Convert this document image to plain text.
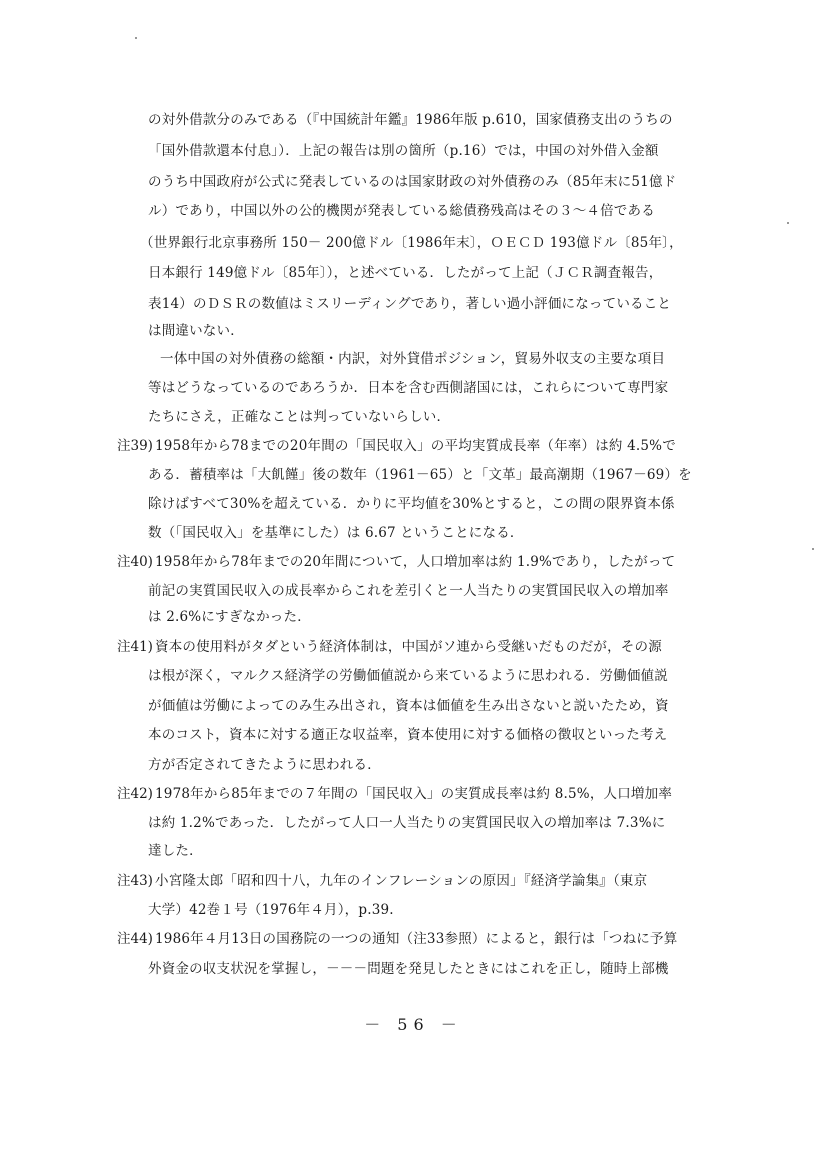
の対外借款分のみである（『中国統計年鑑』1986年版 p.610，国家債務支出のうちの

「国外借款還本付息」）．上記の報告は別の箇所（p.16）では，中国の対外借入金額

のうち中国政府が公式に発表しているのは国家財政の対外債務のみ（85年末に51億ド

ル）であり，中国以外の公的機関が発表している総債務残高はその３～４倍である

（世界銀行北京事務所 150－ 200億ドル〔1986年末〕，ＯＥＣＤ 193億ドル〔85年〕，

日本銀行 149億ドル〔85年〕），と述べている．したがって上記（ＪＣＲ調査報告，

表14）のＤＳＲの数値はミスリーディングであり，著しい過小評価になっていること

は間違いない．

一体中国の対外債務の総額・内訳，対外貸借ポジション，貿易外収支の主要な項目

等はどうなっているのであろうか．日本を含む西側諸国には，これらについて専門家

たちにさえ，正確なことは判っていないらしい．

注39) 1958年から78までの20年間の「国民収入」の平均実質成長率（年率）は約 4.5%で

ある．蓄積率は「大飢饉」後の数年（1961－65）と「文革」最高潮期（1967－69）を

除けばすべて30%を超えている．かりに平均値を30%とすると，この間の限界資本係

数（「国民収入」を基準にした）は 6.67 ということになる．

注40) 1958年から78年までの20年間について，人口増加率は約 1.9%であり，したがって

前記の実質国民収入の成長率からこれを差引くと一人当たりの実質国民収入の増加率

は 2.6%にすぎなかった．

注41) 資本の使用料がタダという経済体制は，中国がソ連から受継いだものだが，その源

は根が深く，マルクス経済学の労働価値説から来ているように思われる．労働価値説

が価値は労働によってのみ生み出され，資本は価値を生み出さないと説いたため，資

本のコスト，資本に対する適正な収益率，資本使用に対する価格の徴収といった考え

方が否定されてきたように思われる．

注42) 1978年から85年までの７年間の「国民収入」の実質成長率は約 8.5%，人口増加率

は約 1.2%であった．したがって人口一人当たりの実質国民収入の増加率は 7.3%に

達した．

注43) 小宮隆太郎「昭和四十八，九年のインフレーションの原因」『経済学論集』（東京

大学）42巻１号（1976年４月），p.39.

注44) 1986年４月13日の国務院の一つの通知（注33参照）によると，銀行は「つねに予算

外資金の収支状況を掌握し，－－－問題を発見したときにはこれを正し，随時上部機

－ 56 －
